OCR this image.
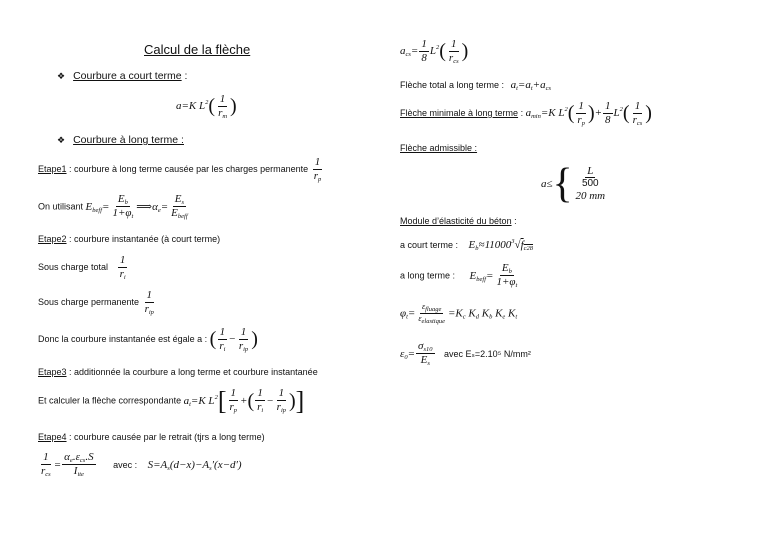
Calcul de la flèche
❖ Courbure a court terme :
a=K $L^2( \frac{1}{r_m}$ )
❖ Courbure à long terme :
Etape1 : courbure à long terme causée par les charges permanente $\frac{1}{r_p}$
On utilisant $E_{beff}= \frac{E_b}{1+\varphi_t}$ $⟹\alpha_e= \frac{E_s}{E_{beff}}$
Etape2 : courbure instantanée (à court terme)
Sous charge total $\frac{1}{r_i}$
Sous charge permanente $\frac{1}{r_{ip}}$
Donc la courbure instantanée est égale a : ( $\frac{1}{r_i} - \frac{1}{r_{ip}}$ )
Etape3 : additionnée la courbure a long terme et courbure instantanée
Et calculer la flèche correspondante $a_t=K$ $L^2[ \frac{1}{r_p}$ +( $\frac{1}{r_i} - \frac{1}{r_{ip}}$ )]
Etape4 : courbure causée par le retrait (tjrs a long terme)
$\frac{1}{r_{cs}} = \frac{\alpha_e.\varepsilon_{cs}.S}{I_{ite}}$ avec : $S=A_s(d-x)-A_s'(x-d')$
$a_{cs}= \frac{1}{8} L^2( \frac{1}{r_{cs}}$ )
Flèche total a long terme : $a_t=a_t+a_{cs}$
Flèche minimale à long terme : $a_{min}=K$ $L^2( \frac{1}{r_p}$ )+ $\frac{1}{8} L^2( \frac{1}{r_{cs}}$ )
Flèche admissible :
$a\le\{ \frac{L}{500}$
20 mm
Module d’élasticité du béton :
a court terme : $E_b\approx 11000^3√f_{c28}$
a long terme : $E_{beff}= \frac{E_b}{1+\varphi_t}$
$\varphi_t= \frac{\varepsilon_{fluage}}{\varepsilon_{elastique}} =K_c$ $K_d$ $K_b$ $K_e$ $K_t$
$\varepsilon_0= \frac{\sigma_{s10}}{E_s}$ avec Eₛ=2.10⁵ N/mm²
